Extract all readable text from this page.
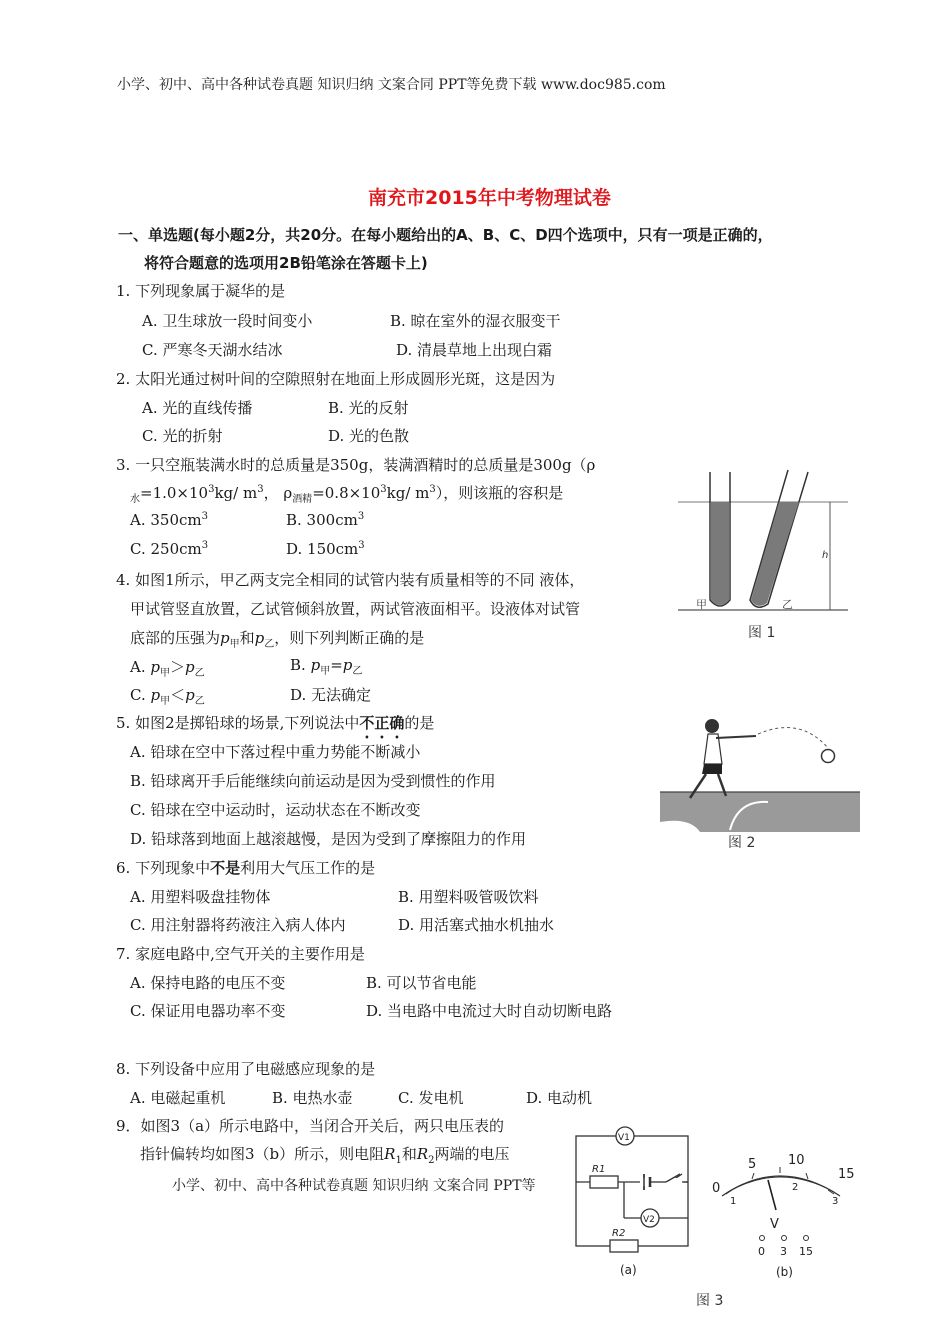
小学、初中、高中各种试卷真题 知识归纳 文案合同 PPT等免费下载 www.doc985.com
南充市2015年中考物理试卷
一、单选题(每小题2分，共20分。在每小题给出的A、B、C、D四个选项中，只有一项是正确的，
将符合题意的选项用2B铅笔涂在答题卡上)
1. 下列现象属于凝华的是
A. 卫生球放一段时间变小	B. 晾在室外的湿衣服变干
C. 严寒冬天湖水结冰	D. 清晨草地上出现白霜
2. 太阳光通过树叶间的空隙照射在地面上形成圆形光斑，这是因为
A. 光的直线传播	B. 光的反射
C. 光的折射	D. 光的色散
3. 一只空瓶装满水时的总质量是350g，装满酒精时的总质量是300g（ρ
$_水=1.0\times 10^3kg/$ $m^3$， $\rho_{酒精}=0.8\times 10^3kg/$ $m^3$），则该瓶的容积是
A. $350cm^3$	B. $300cm^3$
C. $250cm^3$	D. $150cm^3$
4. 如图1所示，甲乙两支完全相同的试管内装有质量相等的不同 液体，
甲试管竖直放置，乙试管倾斜放置，两试管液面相平。设液体对试管
底部的压强为$p_甲$和$p_乙$，则下列判断正确的是
A. $p_甲>p_乙$	B. $p_甲=p_乙$
C. $p_甲<p_乙$	D. 无法确定
5. 如图2是掷铅球的场景,下列说法中不正确的是
A. 铅球在空中下落过程中重力势能不断减小
B. 铅球离开手后能继续向前运动是因为受到惯性的作用
C. 铅球在空中运动时，运动状态在不断改变
D. 铅球落到地面上越滚越慢，是因为受到了摩擦阻力的作用
6. 下列现象中不是利用大气压工作的是
A. 用塑料吸盘挂物体	B. 用塑料吸管吸饮料
C. 用注射器将药液注入病人体内	D. 用活塞式抽水机抽水
7. 家庭电路中,空气开关的主要作用是
A. 保持电路的电压不变	B. 可以节省电能
C. 保证用电器功率不变	D. 当电路中电流过大时自动切断电路
8. 下列设备中应用了电磁感应现象的是
A. 电磁起重机	B. 电热水壶	C. 发电机	D. 电动机
9．如图3（a）所示电路中，当闭合开关后，两只电压表的
指针偏转均如图3（b）所示，则电阻$R_1$和$R_2$两端的电压
小学、初中、高中各种试卷真题 知识归纳 文案合同 PPT等
h
甲	乙
图 1
图 2
V1
R1
V2
R2
(a)
0
5 10
15
1
2
3
V
0 3 15
(b)
图 3
